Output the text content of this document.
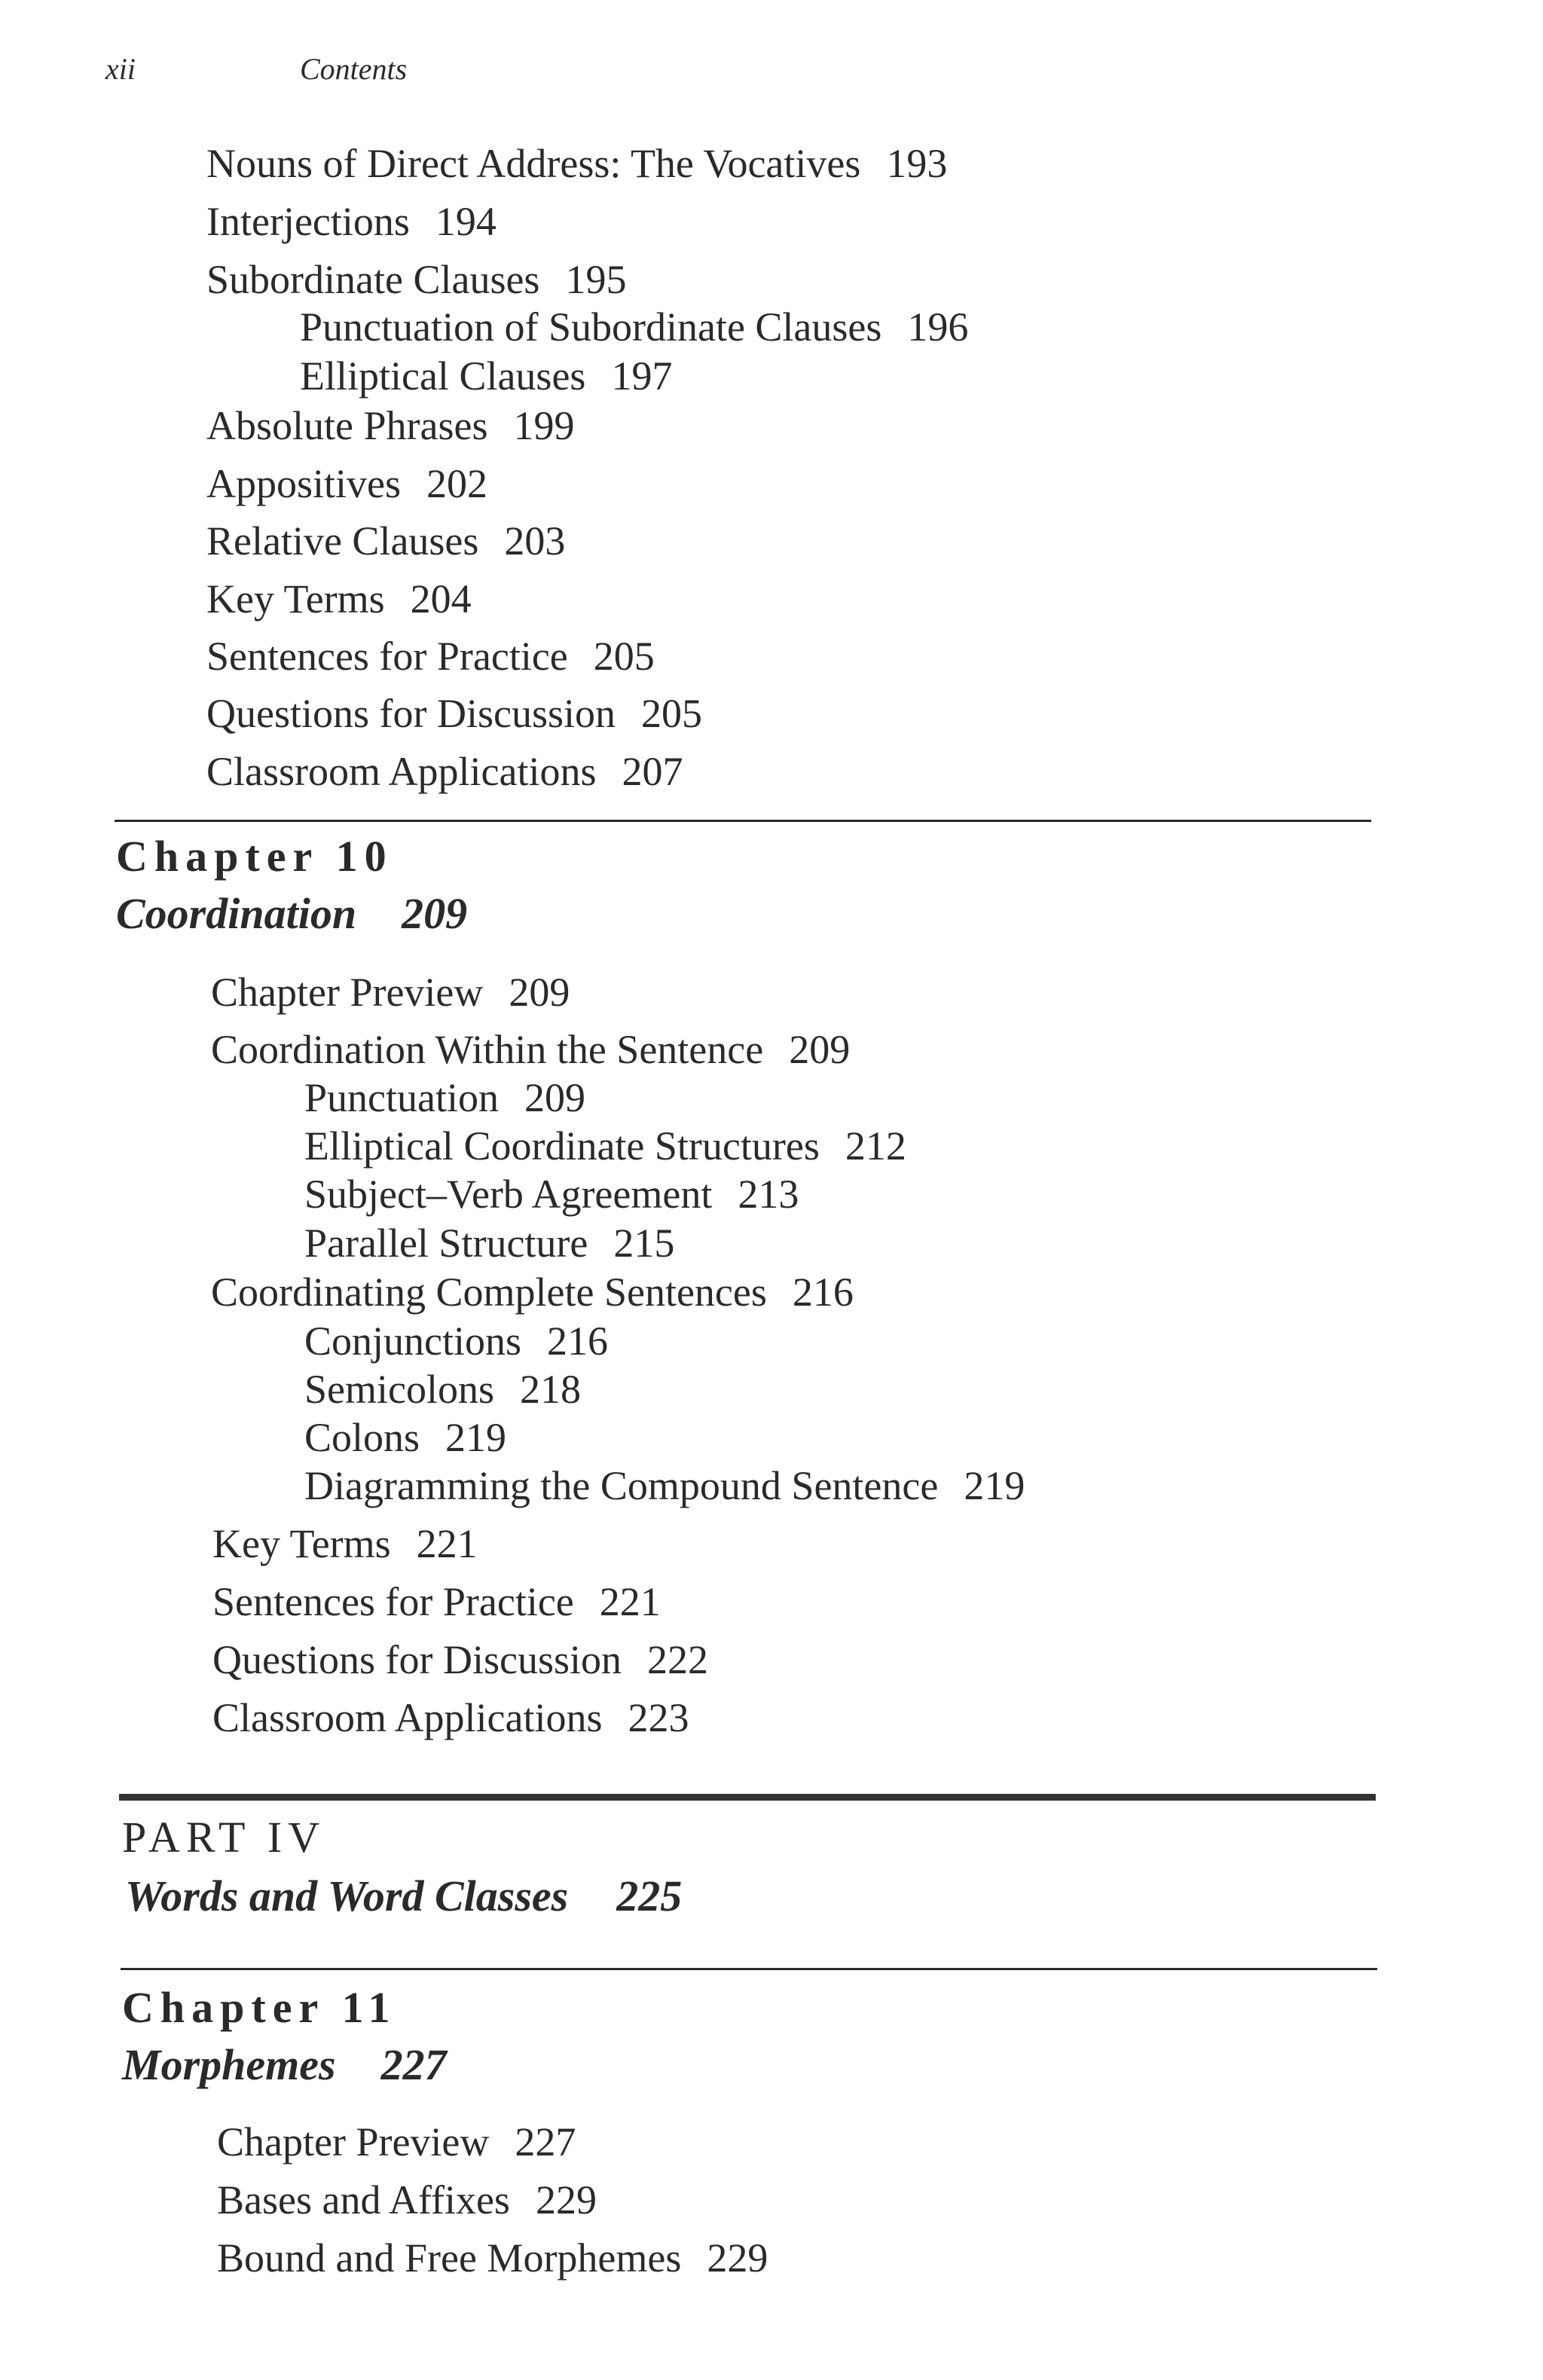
xii	Contents
Nouns of Direct Address: The Vocatives 193
Interjections 194
Subordinate Clauses 195
Punctuation of Subordinate Clauses 196
Elliptical Clauses 197
Absolute Phrases 199
Appositives 202
Relative Clauses 203
Key Terms 204
Sentences for Practice 205
Questions for Discussion 205
Classroom Applications 207
Chapter 10
Coordination 209
Chapter Preview 209
Coordination Within the Sentence 209
Punctuation 209
Elliptical Coordinate Structures 212
Subject–Verb Agreement 213
Parallel Structure 215
Coordinating Complete Sentences 216
Conjunctions 216
Semicolons 218
Colons 219
Diagramming the Compound Sentence 219
Key Terms 221
Sentences for Practice 221
Questions for Discussion 222
Classroom Applications 223
PART IV
Words and Word Classes 225
Chapter 11
Morphemes 227
Chapter Preview 227
Bases and Affixes 229
Bound and Free Morphemes 229
